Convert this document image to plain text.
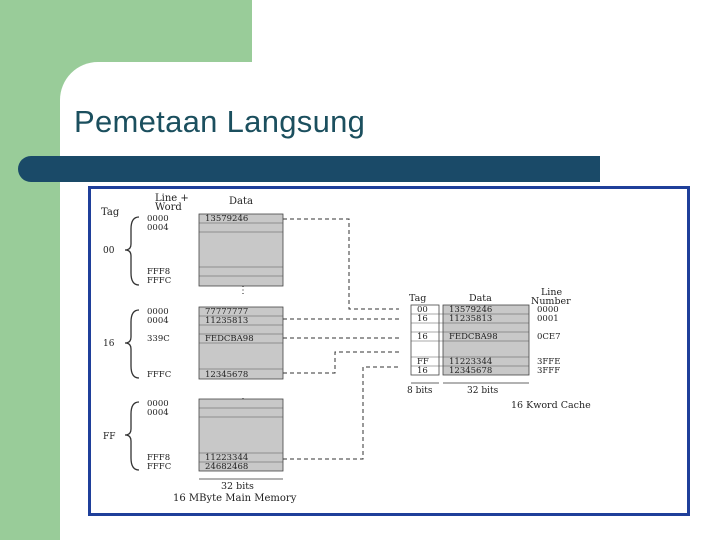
Pemetaan Langsung
Tag
Line +
Word
Data
0000
0004
FFF8
FFFC
13579246
00
⋮
0000
0004
339C
FFFC
77777777
11235813
FEDCBA98
12345678
16
0000
0004
FFF8
FFFC
11223344
24682468
FF
32 bits
16 MByte Main Memory
Tag	Data
Line
Number
00
16
16
FF
16
13579246
11235813
FEDCBA98
11223344
12345678
0000
0001
0CE7
3FFE
3FFF
8 bits	32 bits
16 Kword Cache
